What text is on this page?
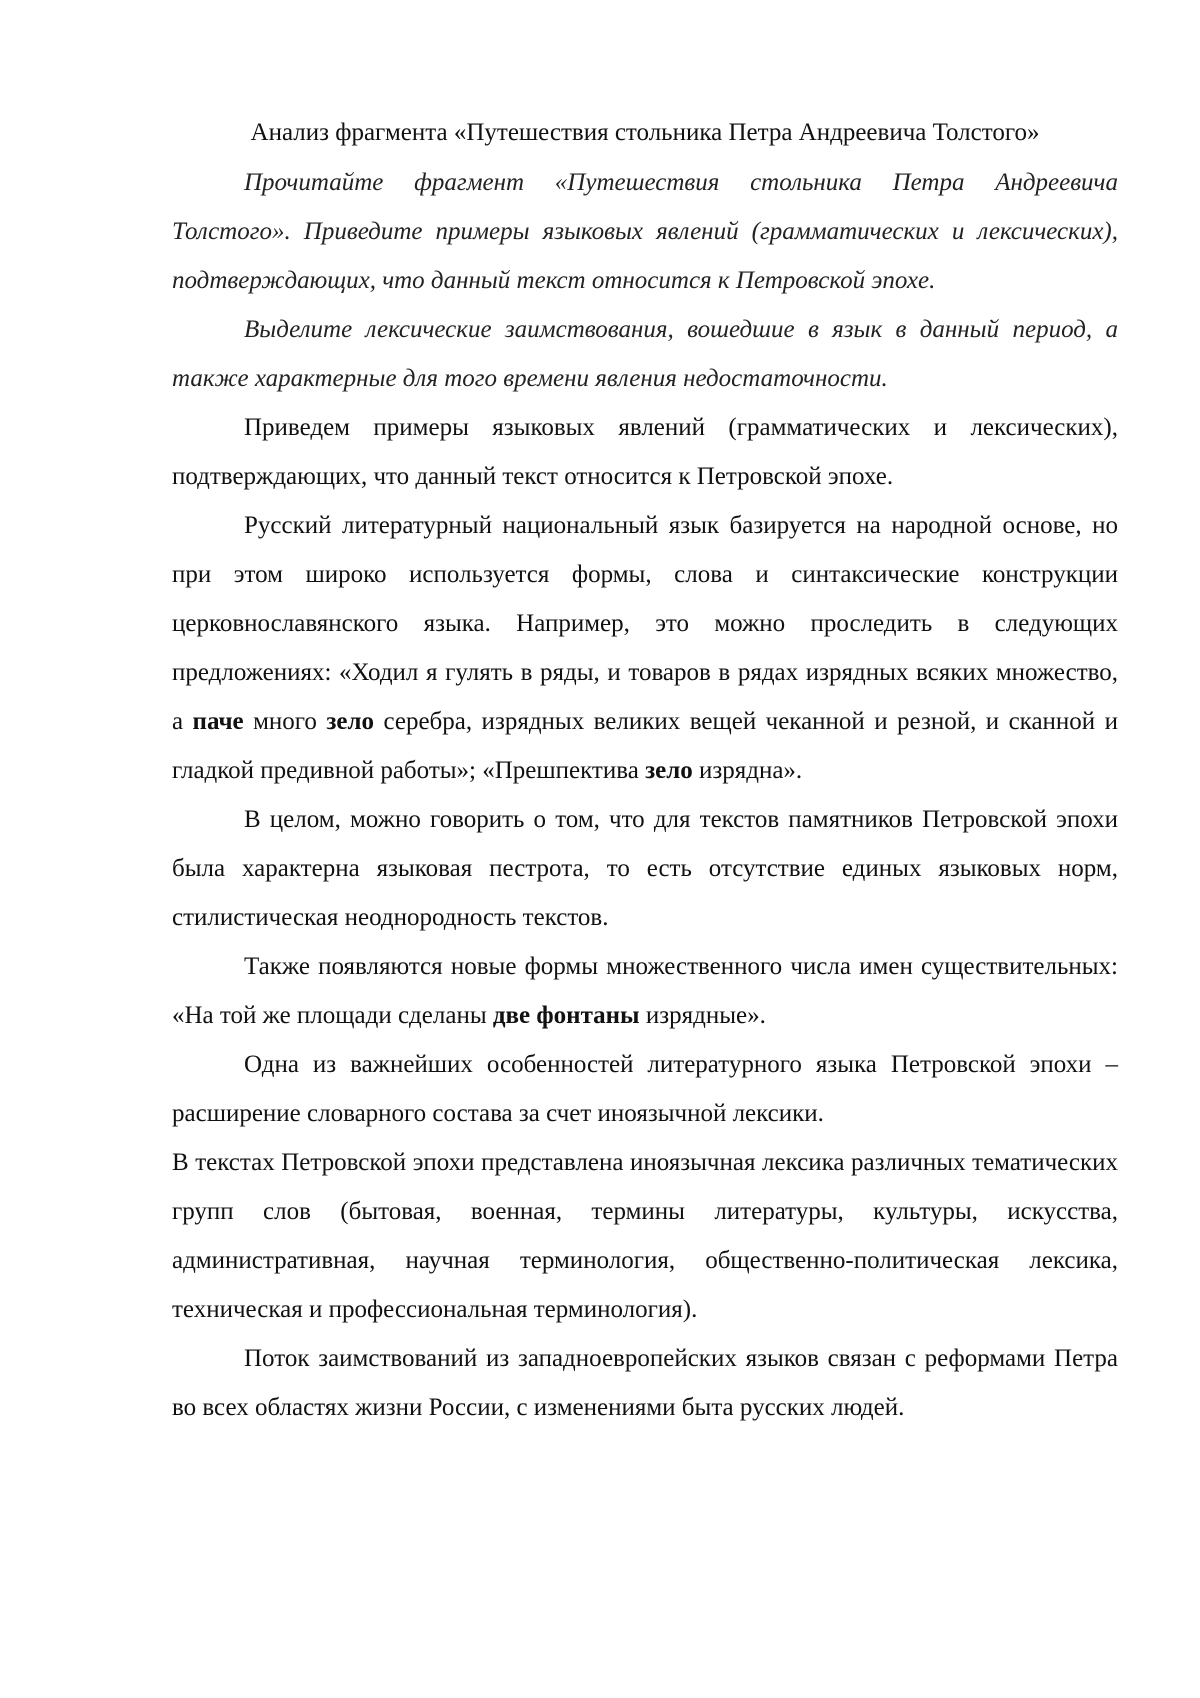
Анализ фрагмента «Путешествия стольника Петра Андреевича Толстого»

Прочитайте фрагмент «Путешествия стольника Петра Андреевича Толстого». Приведите примеры языковых явлений (грамматических и лексических), подтверждающих, что данный текст относится к Петровской эпохе.

Выделите лексические заимствования, вошедшие в язык в данный период, а также характерные для того времени явления недостаточности.

Приведем примеры языковых явлений (грамматических и лексических), подтверждающих, что данный текст относится к Петровской эпохе.

Русский литературный национальный язык базируется на народной основе, но при этом широко используется формы, слова и синтаксические конструкции церковнославянского языка. Например, это можно проследить в следующих предложениях: «Ходил я гулять в ряды, и товаров в рядах изрядных всяких множество, а паче много зело серебра, изрядных великих вещей чеканной и резной, и сканной и гладкой предивной работы»; «Прешпектива зело изрядна».

В целом, можно говорить о том, что для текстов памятников Петровской эпохи была характерна языковая пестрота, то есть отсутствие единых языковых норм, стилистическая неоднородность текстов.

Также появляются новые формы множественного числа имен существительных: «На той же площади сделаны две фонтаны изрядные».

Одна из важнейших особенностей литературного языка Петровской эпохи – расширение словарного состава за счет иноязычной лексики.

В текстах Петровской эпохи представлена иноязычная лексика различных тематических групп слов (бытовая, военная, термины литературы, культуры, искусства, административная, научная терминология, общественно-политическая лексика, техническая и профессиональная терминология).

Поток заимствований из западноевропейских языков связан с реформами Петра во всех областях жизни России, с изменениями быта русских людей.
